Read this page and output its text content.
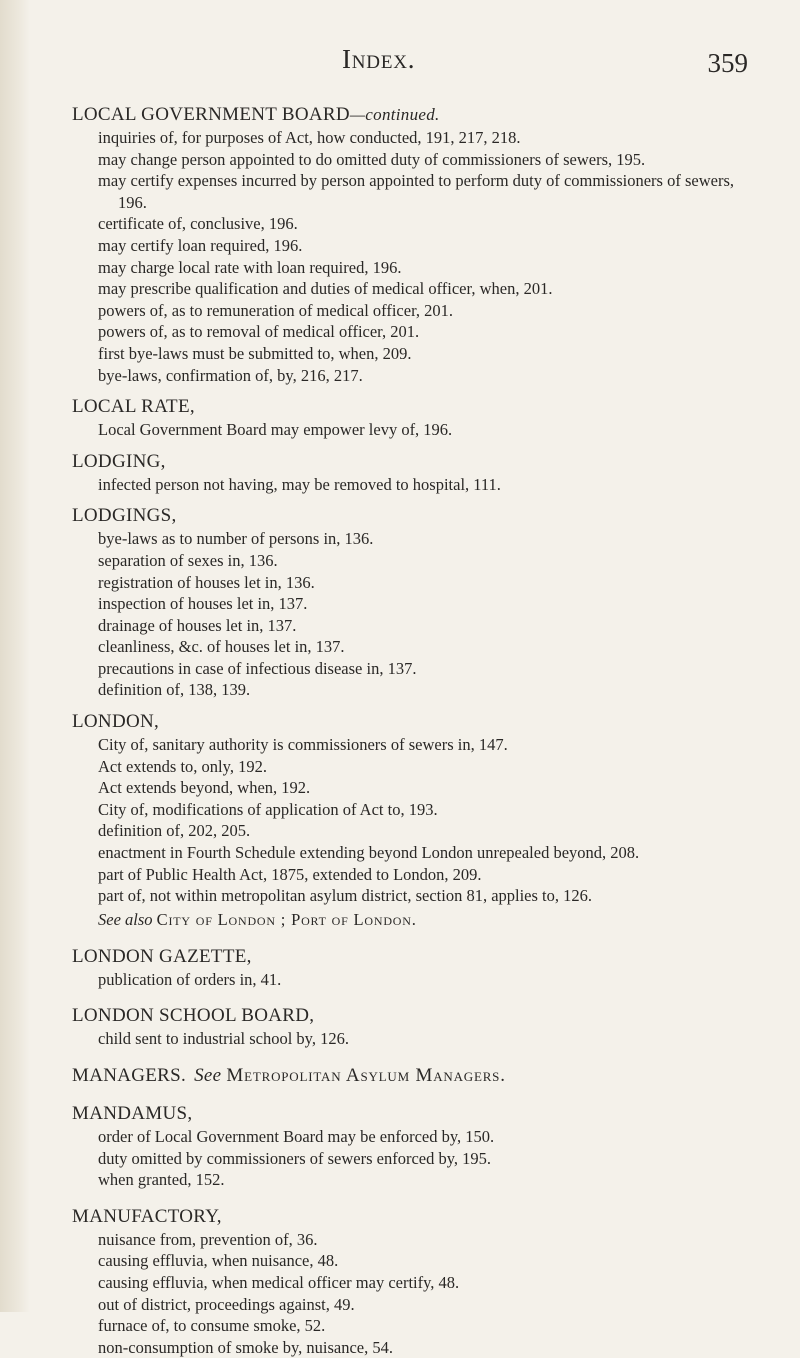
Index.	359

LOCAL GOVERNMENT BOARD—continued.

inquiries of, for purposes of Act, how conducted, 191, 217, 218.

may change person appointed to do omitted duty of commissioners of sewers, 195.

may certify expenses incurred by person appointed to perform duty of commissioners of sewers, 196.

certificate of, conclusive, 196.

may certify loan required, 196.

may charge local rate with loan required, 196.

may prescribe qualification and duties of medical officer, when, 201.

powers of, as to remuneration of medical officer, 201.

powers of, as to removal of medical officer, 201.

first bye-laws must be submitted to, when, 209.

bye-laws, confirmation of, by, 216, 217.

LOCAL RATE,

Local Government Board may empower levy of, 196.

LODGING,

infected person not having, may be removed to hospital, 111.

LODGINGS,

bye-laws as to number of persons in, 136.

separation of sexes in, 136.

registration of houses let in, 136.

inspection of houses let in, 137.

drainage of houses let in, 137.

cleanliness, &c. of houses let in, 137.

precautions in case of infectious disease in, 137.

definition of, 138, 139.

LONDON,

City of, sanitary authority is commissioners of sewers in, 147.

Act extends to, only, 192.

Act extends beyond, when, 192.

City of, modifications of application of Act to, 193.

definition of, 202, 205.

enactment in Fourth Schedule extending beyond London unrepealed beyond, 208.

part of Public Health Act, 1875, extended to London, 209.

part of, not within metropolitan asylum district, section 81, applies to, 126.

See also City of London ; Port of London.

LONDON GAZETTE,

publication of orders in, 41.

LONDON SCHOOL BOARD,

child sent to industrial school by, 126.

MANAGERS. See Metropolitan Asylum Managers.

MANDAMUS,

order of Local Government Board may be enforced by, 150.

duty omitted by commissioners of sewers enforced by, 195.

when granted, 152.

MANUFACTORY,

nuisance from, prevention of, 36.

causing effluvia, when nuisance, 48.

causing effluvia, when medical officer may certify, 48.

out of district, proceedings against, 49.

furnace of, to consume smoke, 52.

non-consumption of smoke by, nuisance, 54.
